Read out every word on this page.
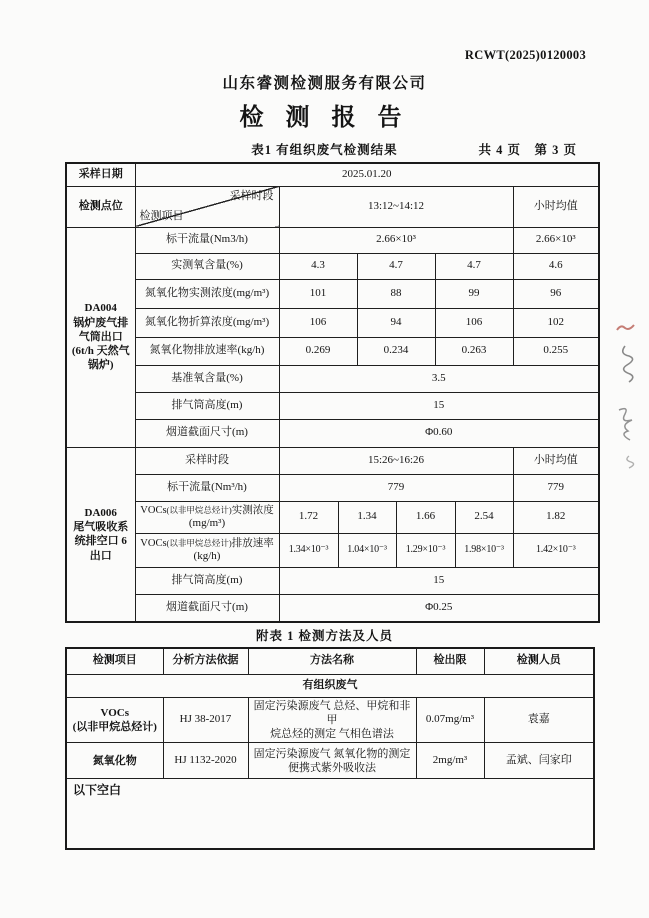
RCWT(2025)0120003
山东睿测检测服务有限公司
检 测 报 告
表1 有组织废气检测结果	共 4 页　第 3 页
采样日期	2025.01.20							
检测点位	采样时段
检测项目	13:12~14:12						小时均值

DA004
锅炉废气排
气筒出口
(6t/h 天然气
锅炉)	标干流量(Nm3/h)	2.66×10³						2.66×10³
	实测氧含量(%)	4.3		4.7		4.7		4.6
	氮氧化物实测浓度(mg/m³)	101		88		99		96
	氮氧化物折算浓度(mg/m³)	106		94		106		102
	氮氧化物排放速率(kg/h)	0.269		0.234		0.263		0.255
	基准氧含量(%)	3.5						
	排气筒高度(m)	15						
	烟道截面尺寸(m)	Φ0.60						

DA006
尾气吸收系
统排空口 6
出口	采样时段	15:26~16:26						小时均值
	标干流量(Nm³/h)	779						779

	VOCs(以非甲烷总烃计)实测浓度
(mg/m³)	1.72	1.34		1.66		2.54	1.82

	VOCs(以非甲烷总烃计)排放速率
(kg/h)	1.34×10⁻³	1.04×10⁻³		1.29×10⁻³		1.98×10⁻³	1.42×10⁻³
	排气筒高度(m)	15						
	烟道截面尺寸(m)	Φ0.25						
附表 1 检测方法及人员
检测项目	分析方法依据	方法名称	检出限	检测人员
有组织废气				

VOCs
(以非甲烷总烃计)	HJ 38-2017	固定污染源废气 总烃、甲烷和非甲
烷总烃的测定 气相色谱法	0.07mg/m³	袁嘉

氮氧化物	HJ 1132-2020	固定污染源废气 氮氧化物的测定
便携式紫外吸收法	2mg/m³	孟斌、闫家印
以下空白				
